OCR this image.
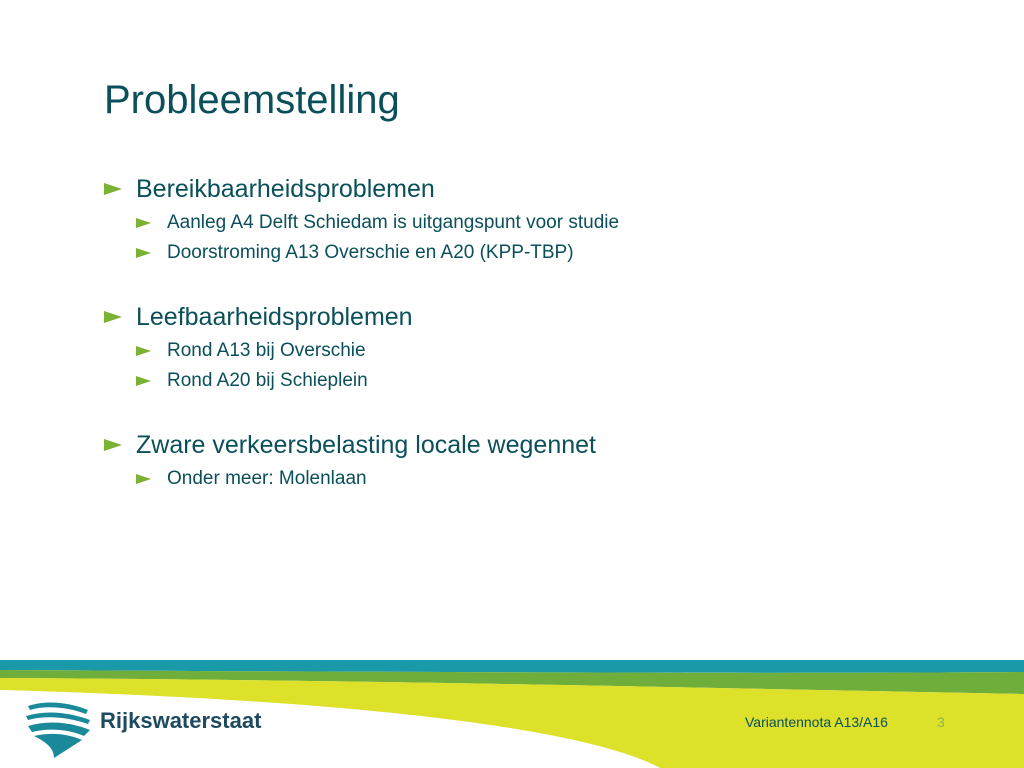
Probleemstelling
Bereikbaarheidsproblemen
Aanleg A4 Delft Schiedam is uitgangspunt voor studie
Doorstroming A13 Overschie en A20 (KPP-TBP)
Leefbaarheidsproblemen
Rond A13 bij Overschie
Rond A20 bij Schieplein
Zware verkeersbelasting locale wegennet
Onder meer: Molenlaan
Rijkswaterstaat	Variantennota A13/A16	3
